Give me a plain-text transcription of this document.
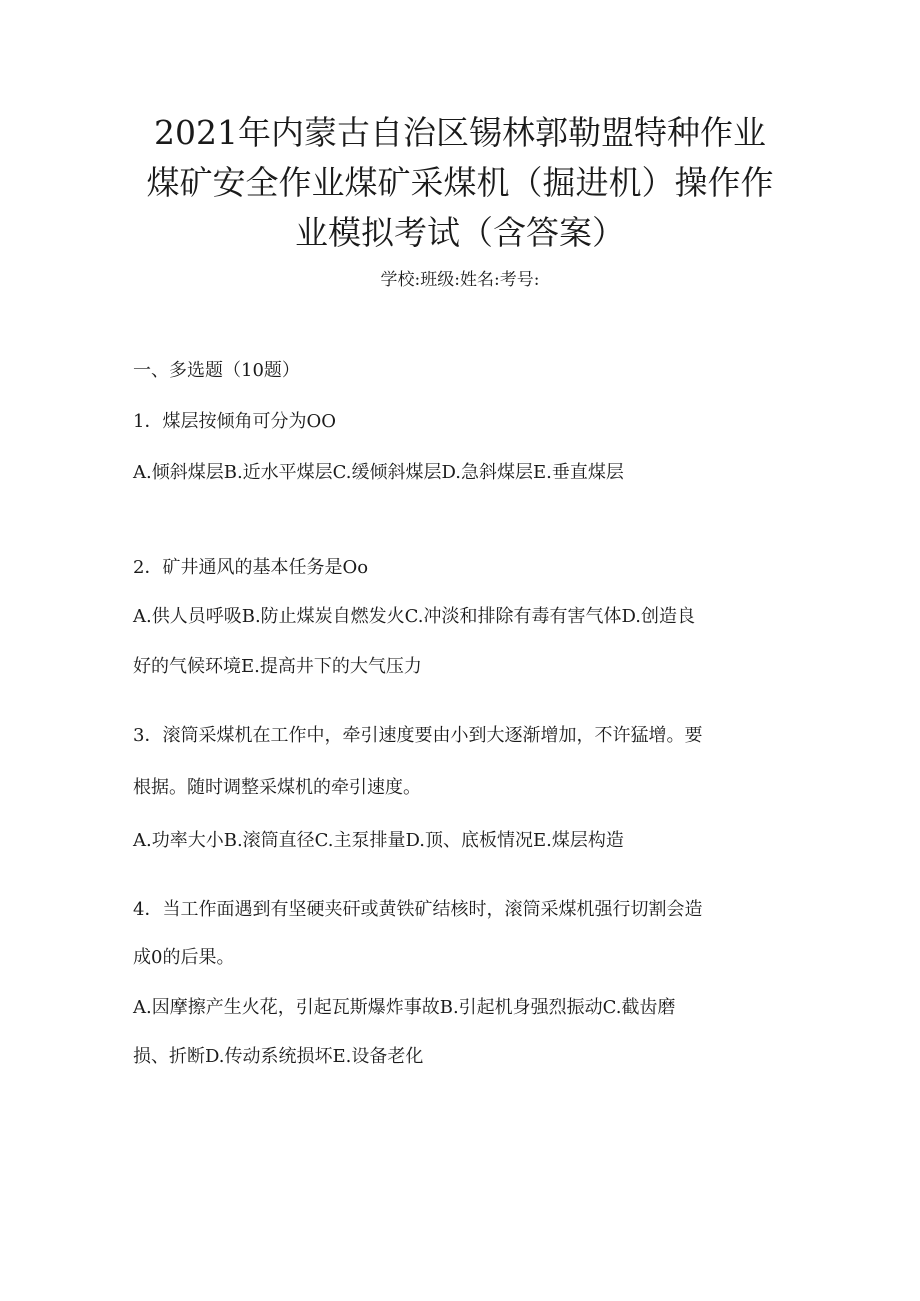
2021年内蒙古自治区锡林郭勒盟特种作业
煤矿安全作业煤矿采煤机（掘进机）操作作
业模拟考试（含答案）

学校:班级:姓名:考号:

一、多选题（10题）

1．煤层按倾角可分为OO

A.倾斜煤层B.近水平煤层C.缓倾斜煤层D.急斜煤层E.垂直煤层

2．矿井通风的基本任务是Oo

A.供人员呼吸B.防止煤炭自燃发火C.冲淡和排除有毒有害气体D.创造良

好的气候环境E.提高井下的大气压力

3．滚筒采煤机在工作中，牵引速度要由小到大逐渐增加，不许猛增。要

根据。随时调整采煤机的牵引速度。

A.功率大小B.滚筒直径C.主泵排量D.顶、底板情况E.煤层构造

4．当工作面遇到有坚硬夹矸或黄铁矿结核时，滚筒采煤机强行切割会造

成0的后果。

A.因摩擦产生火花，引起瓦斯爆炸事故B.引起机身强烈振动C.截齿磨

损、折断D.传动系统损坏E.设备老化
